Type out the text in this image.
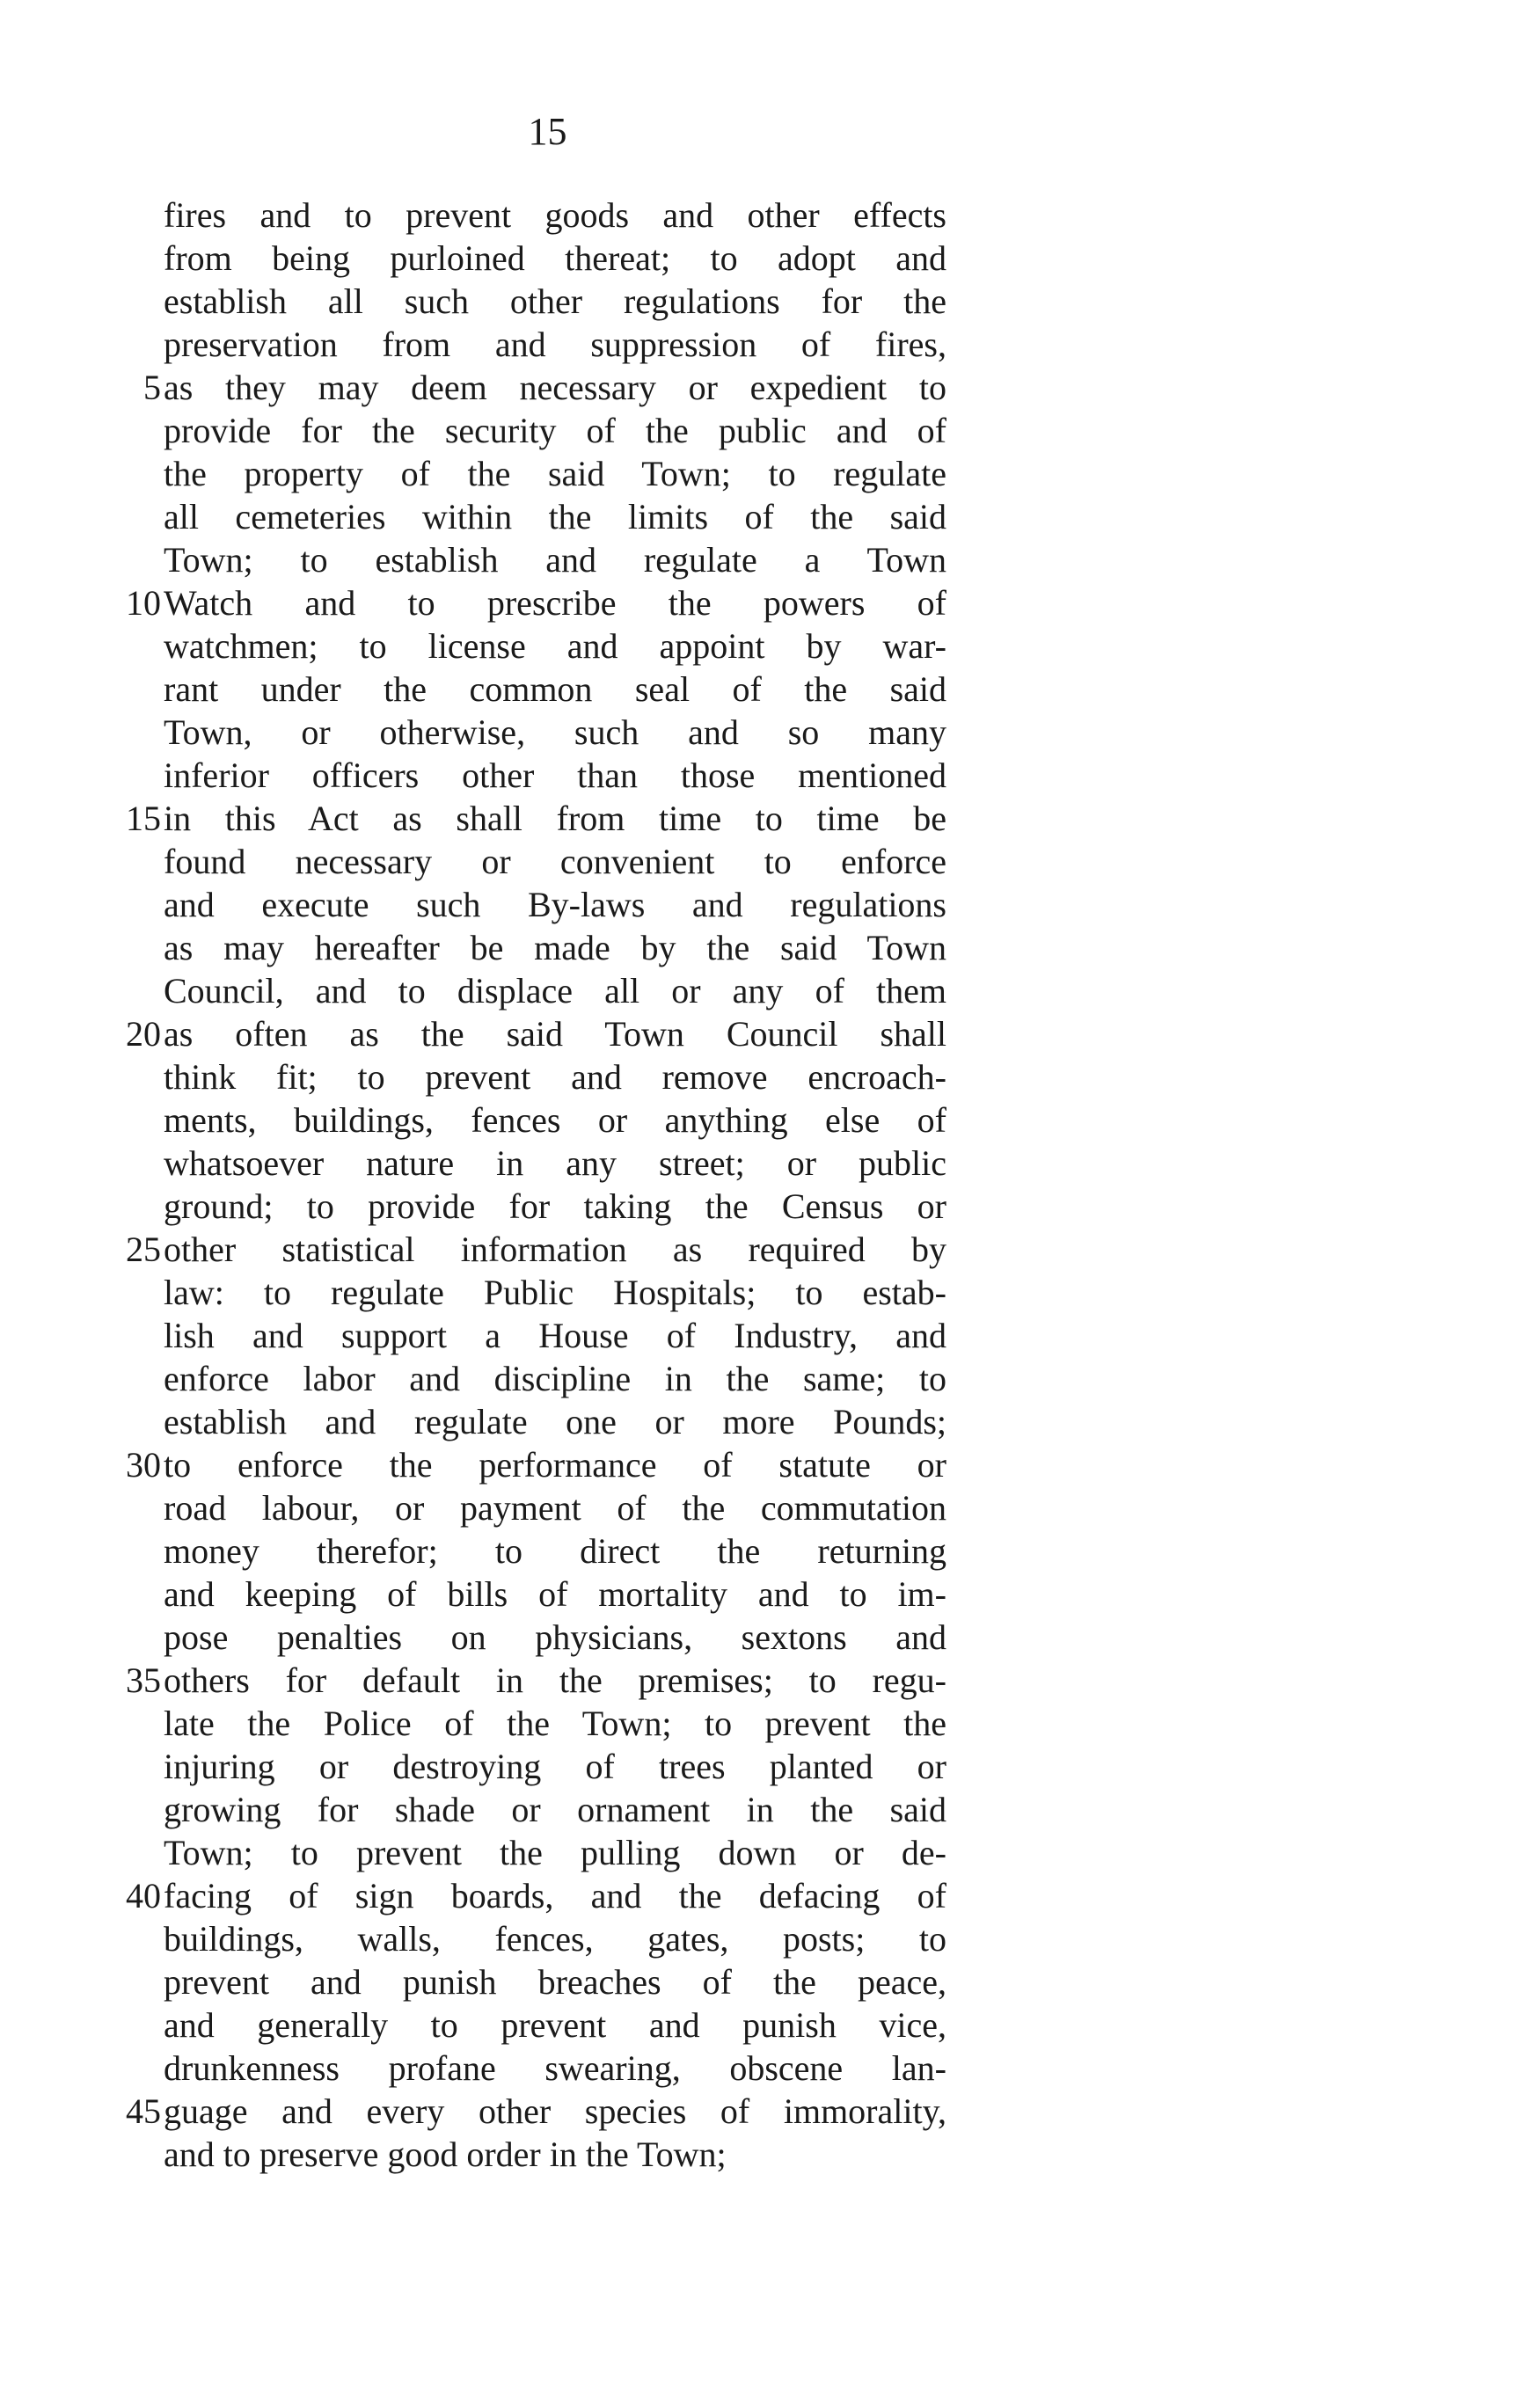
15
fires and to prevent goods and other effects
from being purloined thereat; to adopt and
establish all such other regulations for the
preservation from and suppression of fires,
5 as they may deem necessary or expedient to
provide for the security of the public and of
the property of the said Town; to regulate
all cemeteries within the limits of the said
Town; to establish and regulate a Town
10 Watch and to prescribe the powers of
watchmen; to license and appoint by war-
rant under the common seal of the said
Town, or otherwise, such and so many
inferior officers other than those mentioned
15 in this Act as shall from time to time be
found necessary or convenient to enforce
and execute such By-laws and regulations
as may hereafter be made by the said Town
Council, and to displace all or any of them
20 as often as the said Town Council shall
think fit; to prevent and remove encroach-
ments, buildings, fences or anything else of
whatsoever nature in any street; or public
ground; to provide for taking the Census or
25 other statistical information as required by
law: to regulate Public Hospitals; to estab-
lish and support a House of Industry, and
enforce labor and discipline in the same; to
establish and regulate one or more Pounds;
30 to enforce the performance of statute or
road labour, or payment of the commutation
money therefor; to direct the returning
and keeping of bills of mortality and to im-
pose penalties on physicians, sextons and
35 others for default in the premises; to regu-
late the Police of the Town; to prevent the
injuring or destroying of trees planted or
growing for shade or ornament in the said
Town; to prevent the pulling down or de-
40 facing of sign boards, and the defacing of
buildings, walls, fences, gates, posts; to
prevent and punish breaches of the peace,
and generally to prevent and punish vice,
drunkenness profane swearing, obscene lan-
45 guage and every other species of immorality,
and to preserve good order in the Town;
